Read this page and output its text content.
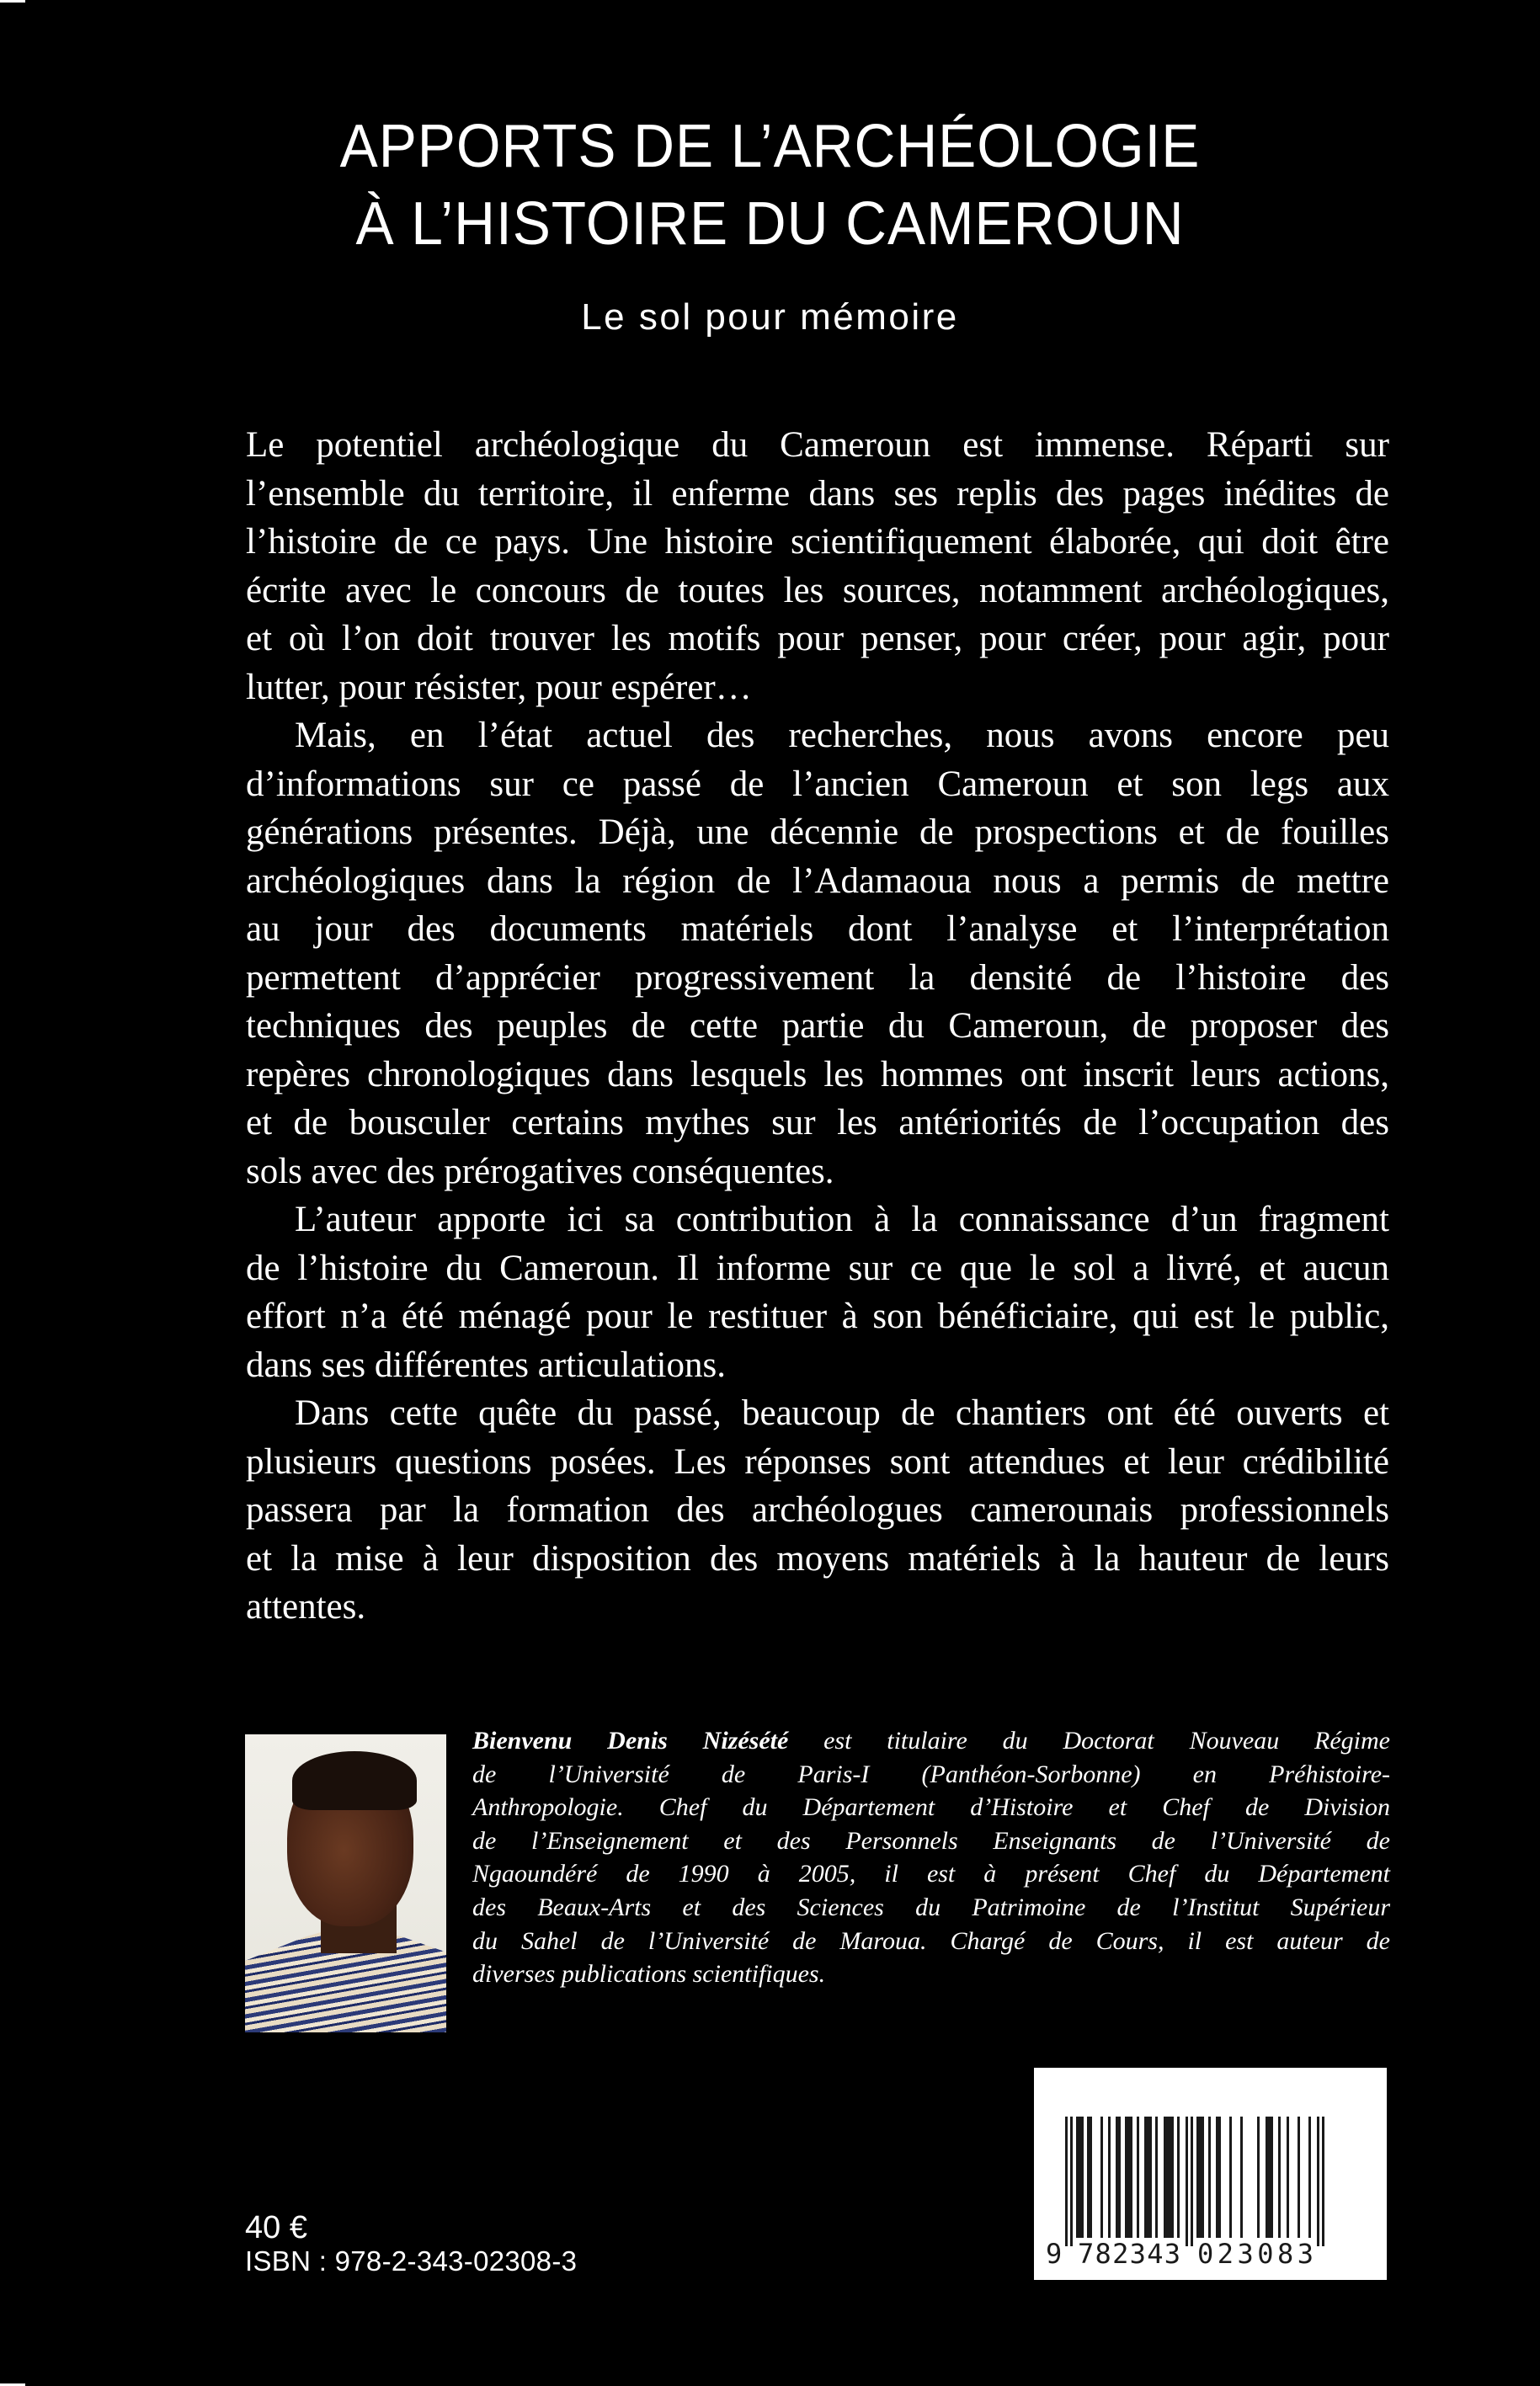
APPORTS DE L’ARCHÉOLOGIE
À L’HISTOIRE DU CAMEROUN
Le sol pour mémoire
Le potentiel archéologique du Cameroun est immense. Réparti sur
l’ensemble du territoire, il enferme dans ses replis des pages inédites de
l’histoire de ce pays. Une histoire scientifiquement élaborée, qui doit être
écrite avec le concours de toutes les sources, notamment archéologiques,
et où l’on doit trouver les motifs pour penser, pour créer, pour agir, pour
lutter, pour résister, pour espérer…
Mais, en l’état actuel des recherches, nous avons encore peu
d’informations sur ce passé de l’ancien Cameroun et son legs aux
générations présentes. Déjà, une décennie de prospections et de fouilles
archéologiques dans la région de l’Adamaoua nous a permis de mettre
au jour des documents matériels dont l’analyse et l’interprétation
permettent d’apprécier progressivement la densité de l’histoire des
techniques des peuples de cette partie du Cameroun, de proposer des
repères chronologiques dans lesquels les hommes ont inscrit leurs actions,
et de bousculer certains mythes sur les antériorités de l’occupation des
sols avec des prérogatives conséquentes.
L’auteur apporte ici sa contribution à la connaissance d’un fragment
de l’histoire du Cameroun. Il informe sur ce que le sol a livré, et aucun
effort n’a été ménagé pour le restituer à son bénéficiaire, qui est le public,
dans ses différentes articulations.
Dans cette quête du passé, beaucoup de chantiers ont été ouverts et
plusieurs questions posées. Les réponses sont attendues et leur crédibilité
passera par la formation des archéologues camerounais professionnels
et la mise à leur disposition des moyens matériels à la hauteur de leurs
attentes.
Bienvenu Denis Nizésété est titulaire du Doctorat Nouveau Régime
de l’Université de Paris-I (Panthéon-Sorbonne) en Préhistoire-
Anthropologie. Chef du Département d’Histoire et Chef de Division
de l’Enseignement et des Personnels Enseignants de l’Université de
Ngaoundéré de 1990 à 2005, il est à présent Chef du Département
des Beaux-Arts et des Sciences du Patrimoine de l’Institut Supérieur
du Sahel de l’Université de Maroua. Chargé de Cours, il est auteur de
diverses publications scientifiques.
9 782343 023083
40 €
ISBN : 978-2-343-02308-3
